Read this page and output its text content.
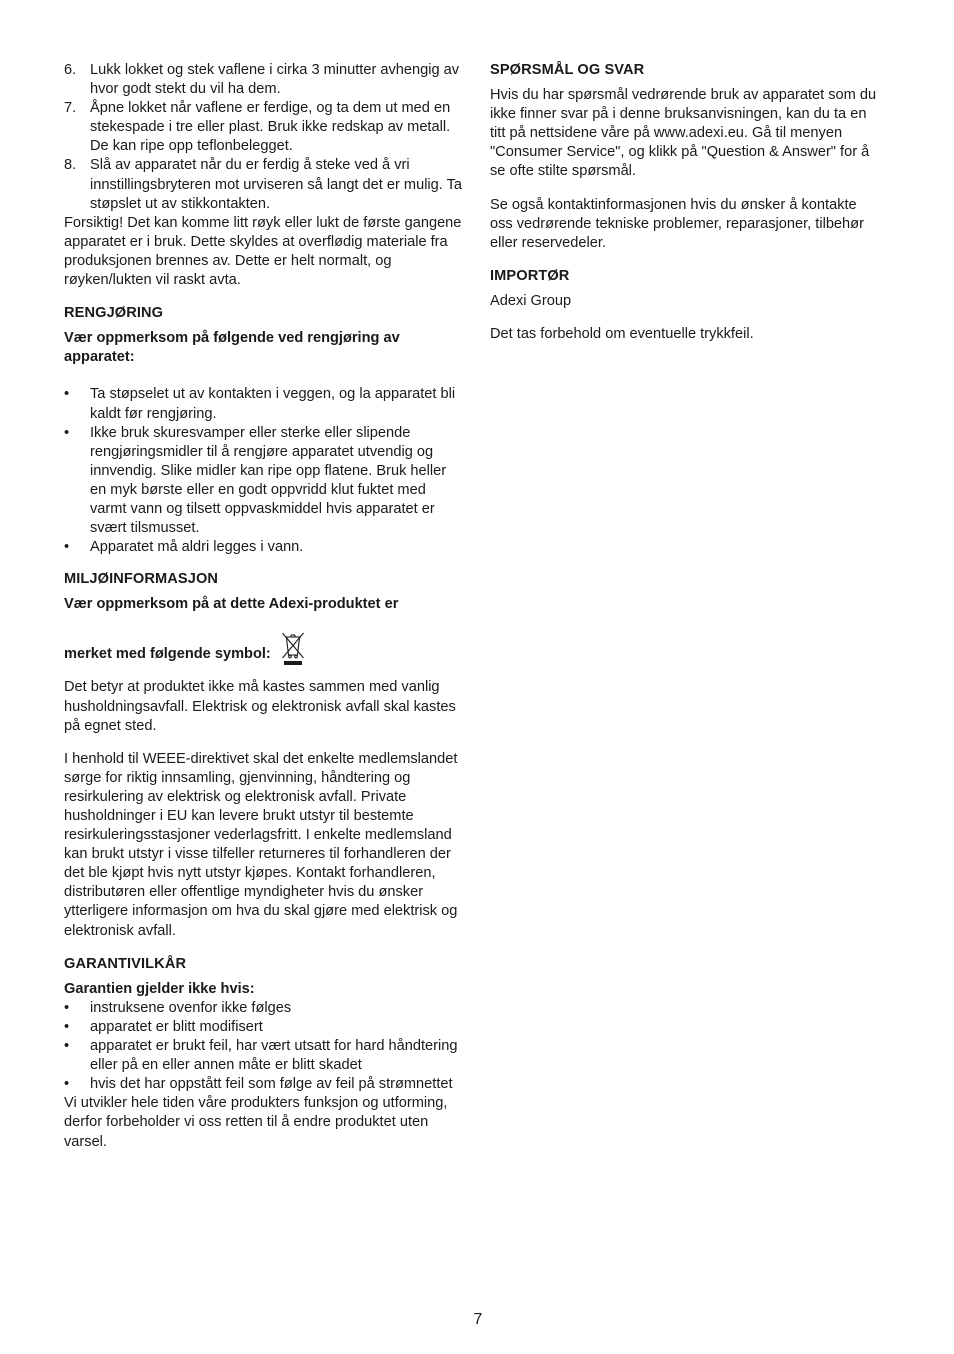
6. Lukk lokket og stek vaflene i cirka 3 minutter avhengig av hvor godt stekt du vil ha dem.
7. Åpne lokket når vaflene er ferdige, og ta dem ut med en stekespade i tre eller plast. Bruk ikke redskap av metall. De kan ripe opp teflonbelegget.
8. Slå av apparatet når du er ferdig å steke ved å vri innstillingsbryteren mot urviseren så langt det er mulig. Ta støpslet ut av stikkontakten.

Forsiktig! Det kan komme litt røyk eller lukt de første gangene apparatet er i bruk. Dette skyldes at overflødig materiale fra produksjonen brennes av. Dette er helt normalt, og røyken/lukten vil raskt avta.

RENGJØRING

Vær oppmerksom på følgende ved rengjøring av apparatet:

• Ta støpselet ut av kontakten i veggen, og la apparatet bli kaldt før rengjøring.
• Ikke bruk skuresvamper eller sterke eller slipende rengjøringsmidler til å rengjøre apparatet utvendig og innvendig. Slike midler kan ripe opp flatene. Bruk heller en myk børste eller en godt oppvridd klut fuktet med varmt vann og tilsett oppvaskmiddel hvis apparatet er svært tilsmusset.
• Apparatet må aldri legges i vann.
MILJØINFORMASJON

Vær oppmerksom på at dette Adexi-produktet er

merket med følgende symbol:

Det betyr at produktet ikke må kastes sammen med vanlig husholdningsavfall. Elektrisk og elektronisk avfall skal kastes på egnet sted.

I henhold til WEEE-direktivet skal det enkelte medlemslandet sørge for riktig innsamling, gjenvinning, håndtering og resirkulering av elektrisk og elektronisk avfall. Private husholdninger i EU kan levere brukt utstyr til bestemte resirkuleringsstasjoner vederlagsfritt. I enkelte medlemsland kan brukt utstyr i visse tilfeller returneres til forhandleren der det ble kjøpt hvis nytt utstyr kjøpes. Kontakt forhandleren, distributøren eller offentlige myndigheter hvis du ønsker ytterligere informasjon om hva du skal gjøre med elektrisk og elektronisk avfall.

GARANTIVILKÅR

Garantien gjelder ikke hvis:

• instruksene ovenfor ikke følges
• apparatet er blitt modifisert
• apparatet er brukt feil, har vært utsatt for hard håndtering eller på en eller annen måte er blitt skadet
• hvis det har oppstått feil som følge av feil på strømnettet

Vi utvikler hele tiden våre produkters funksjon og utforming, derfor forbeholder vi oss retten til å endre produktet uten varsel.

SPØRSMÅL OG SVAR

Hvis du har spørsmål vedrørende bruk av apparatet som du ikke finner svar på i denne bruksanvisningen, kan du ta en titt på nettsidene våre på www.adexi.eu. Gå til menyen "Consumer Service", og klikk på "Question & Answer" for å se ofte stilte spørsmål.

Se også kontaktinformasjonen hvis du ønsker å kontakte oss vedrørende tekniske problemer, reparasjoner, tilbehør eller reservedeler.

IMPORTØR

Adexi Group

Det tas forbehold om eventuelle trykkfeil.

7
